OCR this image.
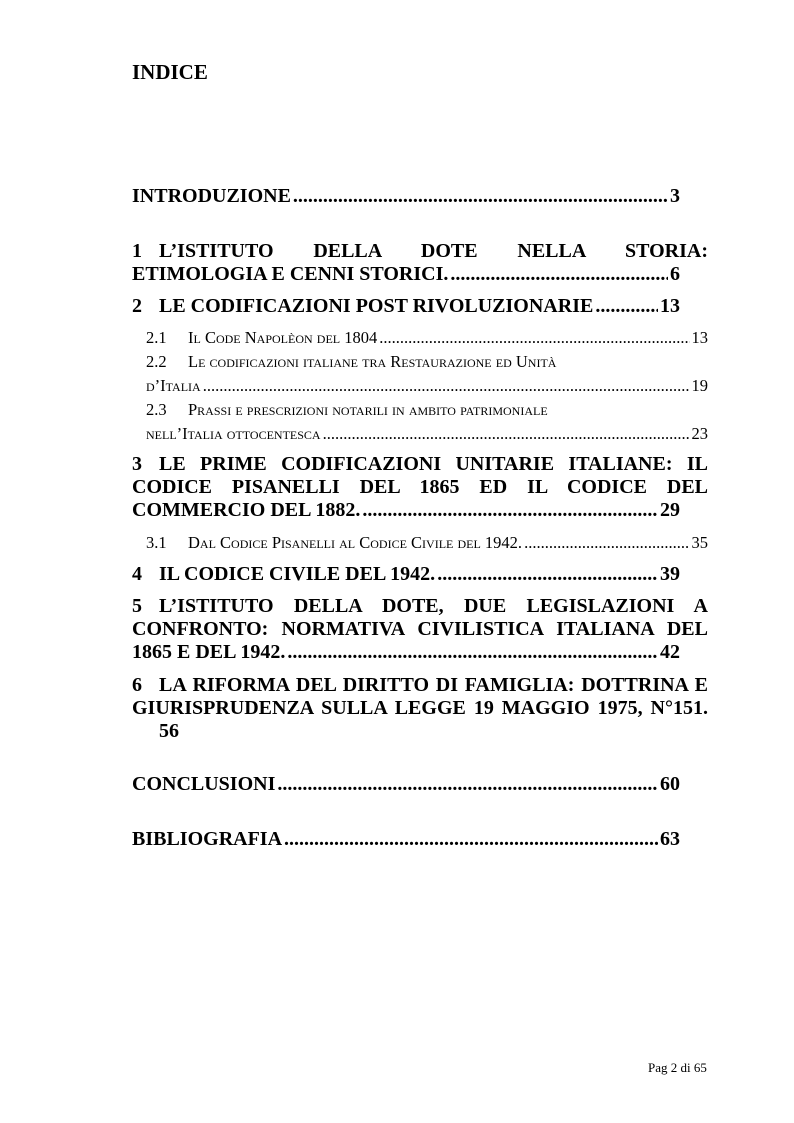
INDICE
INTRODUZIONE .....	3
1 L’ISTITUTO DELLA DOTE NELLA STORIA:
ETIMOLOGIA E CENNI STORICI. .....	6
2 LE CODIFICAZIONI POST RIVOLUZIONARIE .....	13
2.1	Il Code Napolèon del 1804 .....	13
2.2 Le codificazioni italiane tra Restaurazione ed Unità
d’Italia .....	19
2.3 Prassi e prescrizioni notarili in ambito patrimoniale
nell’Italia ottocentesca .....	23
3 LE PRIME CODIFICAZIONI UNITARIE ITALIANE: IL
CODICE PISANELLI DEL 1865 ED IL CODICE DEL
COMMERCIO DEL 1882. .....	29
3.1	Dal Codice Pisanelli al Codice Civile del 1942. .....	35
4 IL CODICE CIVILE DEL 1942. .....	39
5 L’ISTITUTO DELLA DOTE, DUE LEGISLAZIONI A
CONFRONTO: NORMATIVA CIVILISTICA ITALIANA DEL
1865 E DEL 1942. .....	42
6 LA RIFORMA DEL DIRITTO DI FAMIGLIA: DOTTRINA E
GIURISPRUDENZA SULLA LEGGE 19 MAGGIO 1975, N°151.
56
CONCLUSIONI .....	60
BIBLIOGRAFIA .....	63
Pag 2 di 65
